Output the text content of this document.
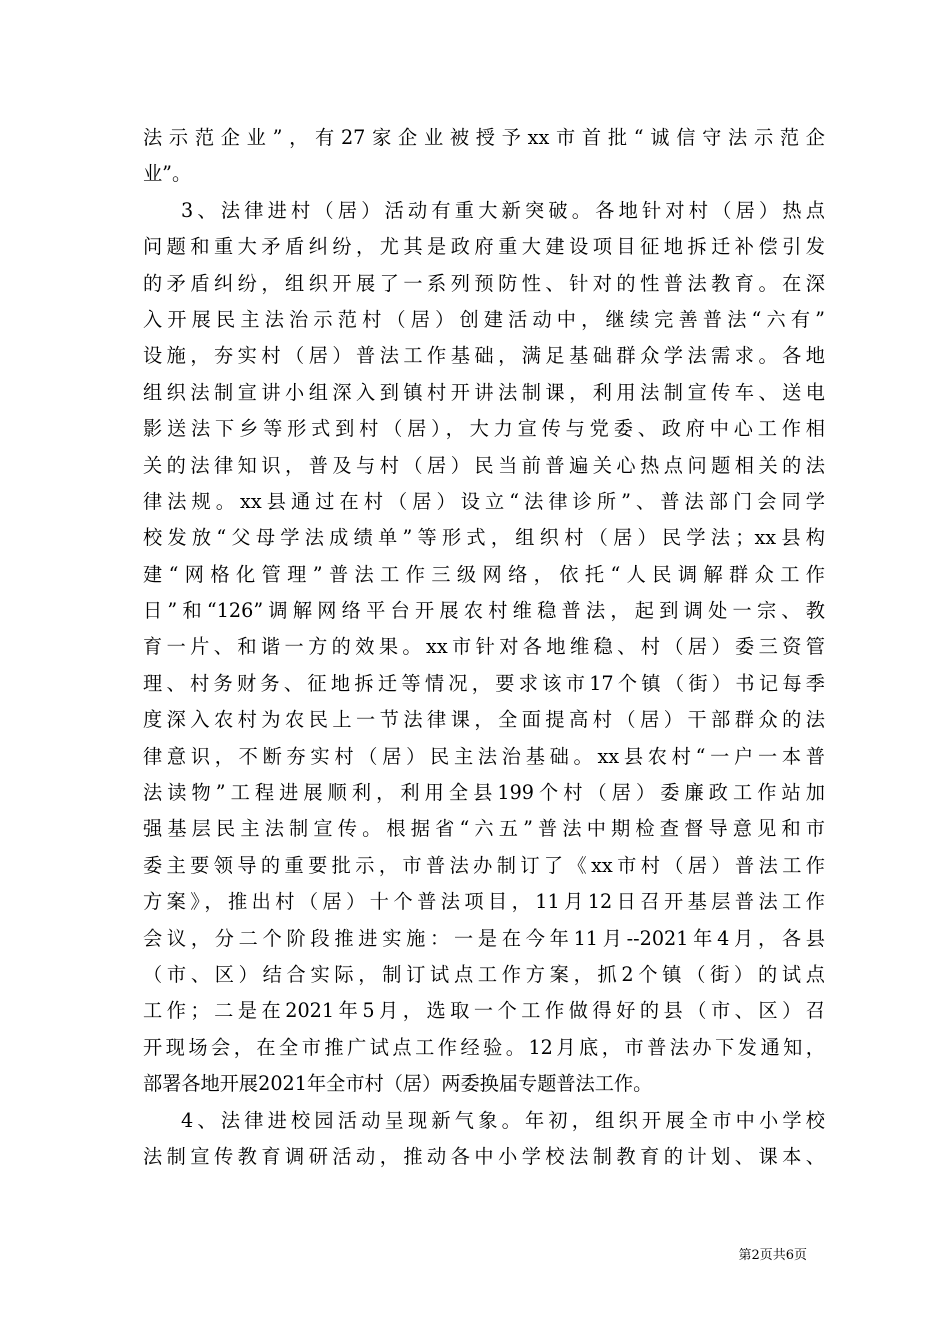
法示范企业”，有27家企业被授予xx市首批“诚信守法示范企
业”。
3、法律进村（居）活动有重大新突破。各地针对村（居）热点
问题和重大矛盾纠纷，尤其是政府重大建设项目征地拆迁补偿引发
的矛盾纠纷，组织开展了一系列预防性、针对的性普法教育。在深
入开展民主法治示范村（居）创建活动中，继续完善普法“六有”
设施，夯实村（居）普法工作基础，满足基础群众学法需求。各地
组织法制宣讲小组深入到镇村开讲法制课，利用法制宣传车、送电
影送法下乡等形式到村（居），大力宣传与党委、政府中心工作相
关的法律知识，普及与村（居）民当前普遍关心热点问题相关的法
律法规。xx县通过在村（居）设立“法律诊所”、普法部门会同学
校发放“父母学法成绩单”等形式，组织村（居）民学法；xx县构
建“网格化管理”普法工作三级网络，依托“人民调解群众工作
日”和“126”调解网络平台开展农村维稳普法，起到调处一宗、教
育一片、和谐一方的效果。xx市针对各地维稳、村（居）委三资管
理、村务财务、征地拆迁等情况，要求该市17个镇（街）书记每季
度深入农村为农民上一节法律课，全面提高村（居）干部群众的法
律意识，不断夯实村（居）民主法治基础。xx县农村“一户一本普
法读物”工程进展顺利，利用全县199个村（居）委廉政工作站加
强基层民主法制宣传。根据省“六五”普法中期检查督导意见和市
委主要领导的重要批示，市普法办制订了《xx市村（居）普法工作
方案》，推出村（居）十个普法项目，11月12日召开基层普法工作
会议，分二个阶段推进实施：一是在今年11月--2021年4月，各县
（市、区）结合实际，制订试点工作方案，抓2个镇（街）的试点
工作；二是在2021年5月，选取一个工作做得好的县（市、区）召
开现场会，在全市推广试点工作经验。12月底，市普法办下发通知，
部署各地开展2021年全市村（居）两委换届专题普法工作。
4、法律进校园活动呈现新气象。年初，组织开展全市中小学校
法制宣传教育调研活动，推动各中小学校法制教育的计划、课本、
第2页共6页
